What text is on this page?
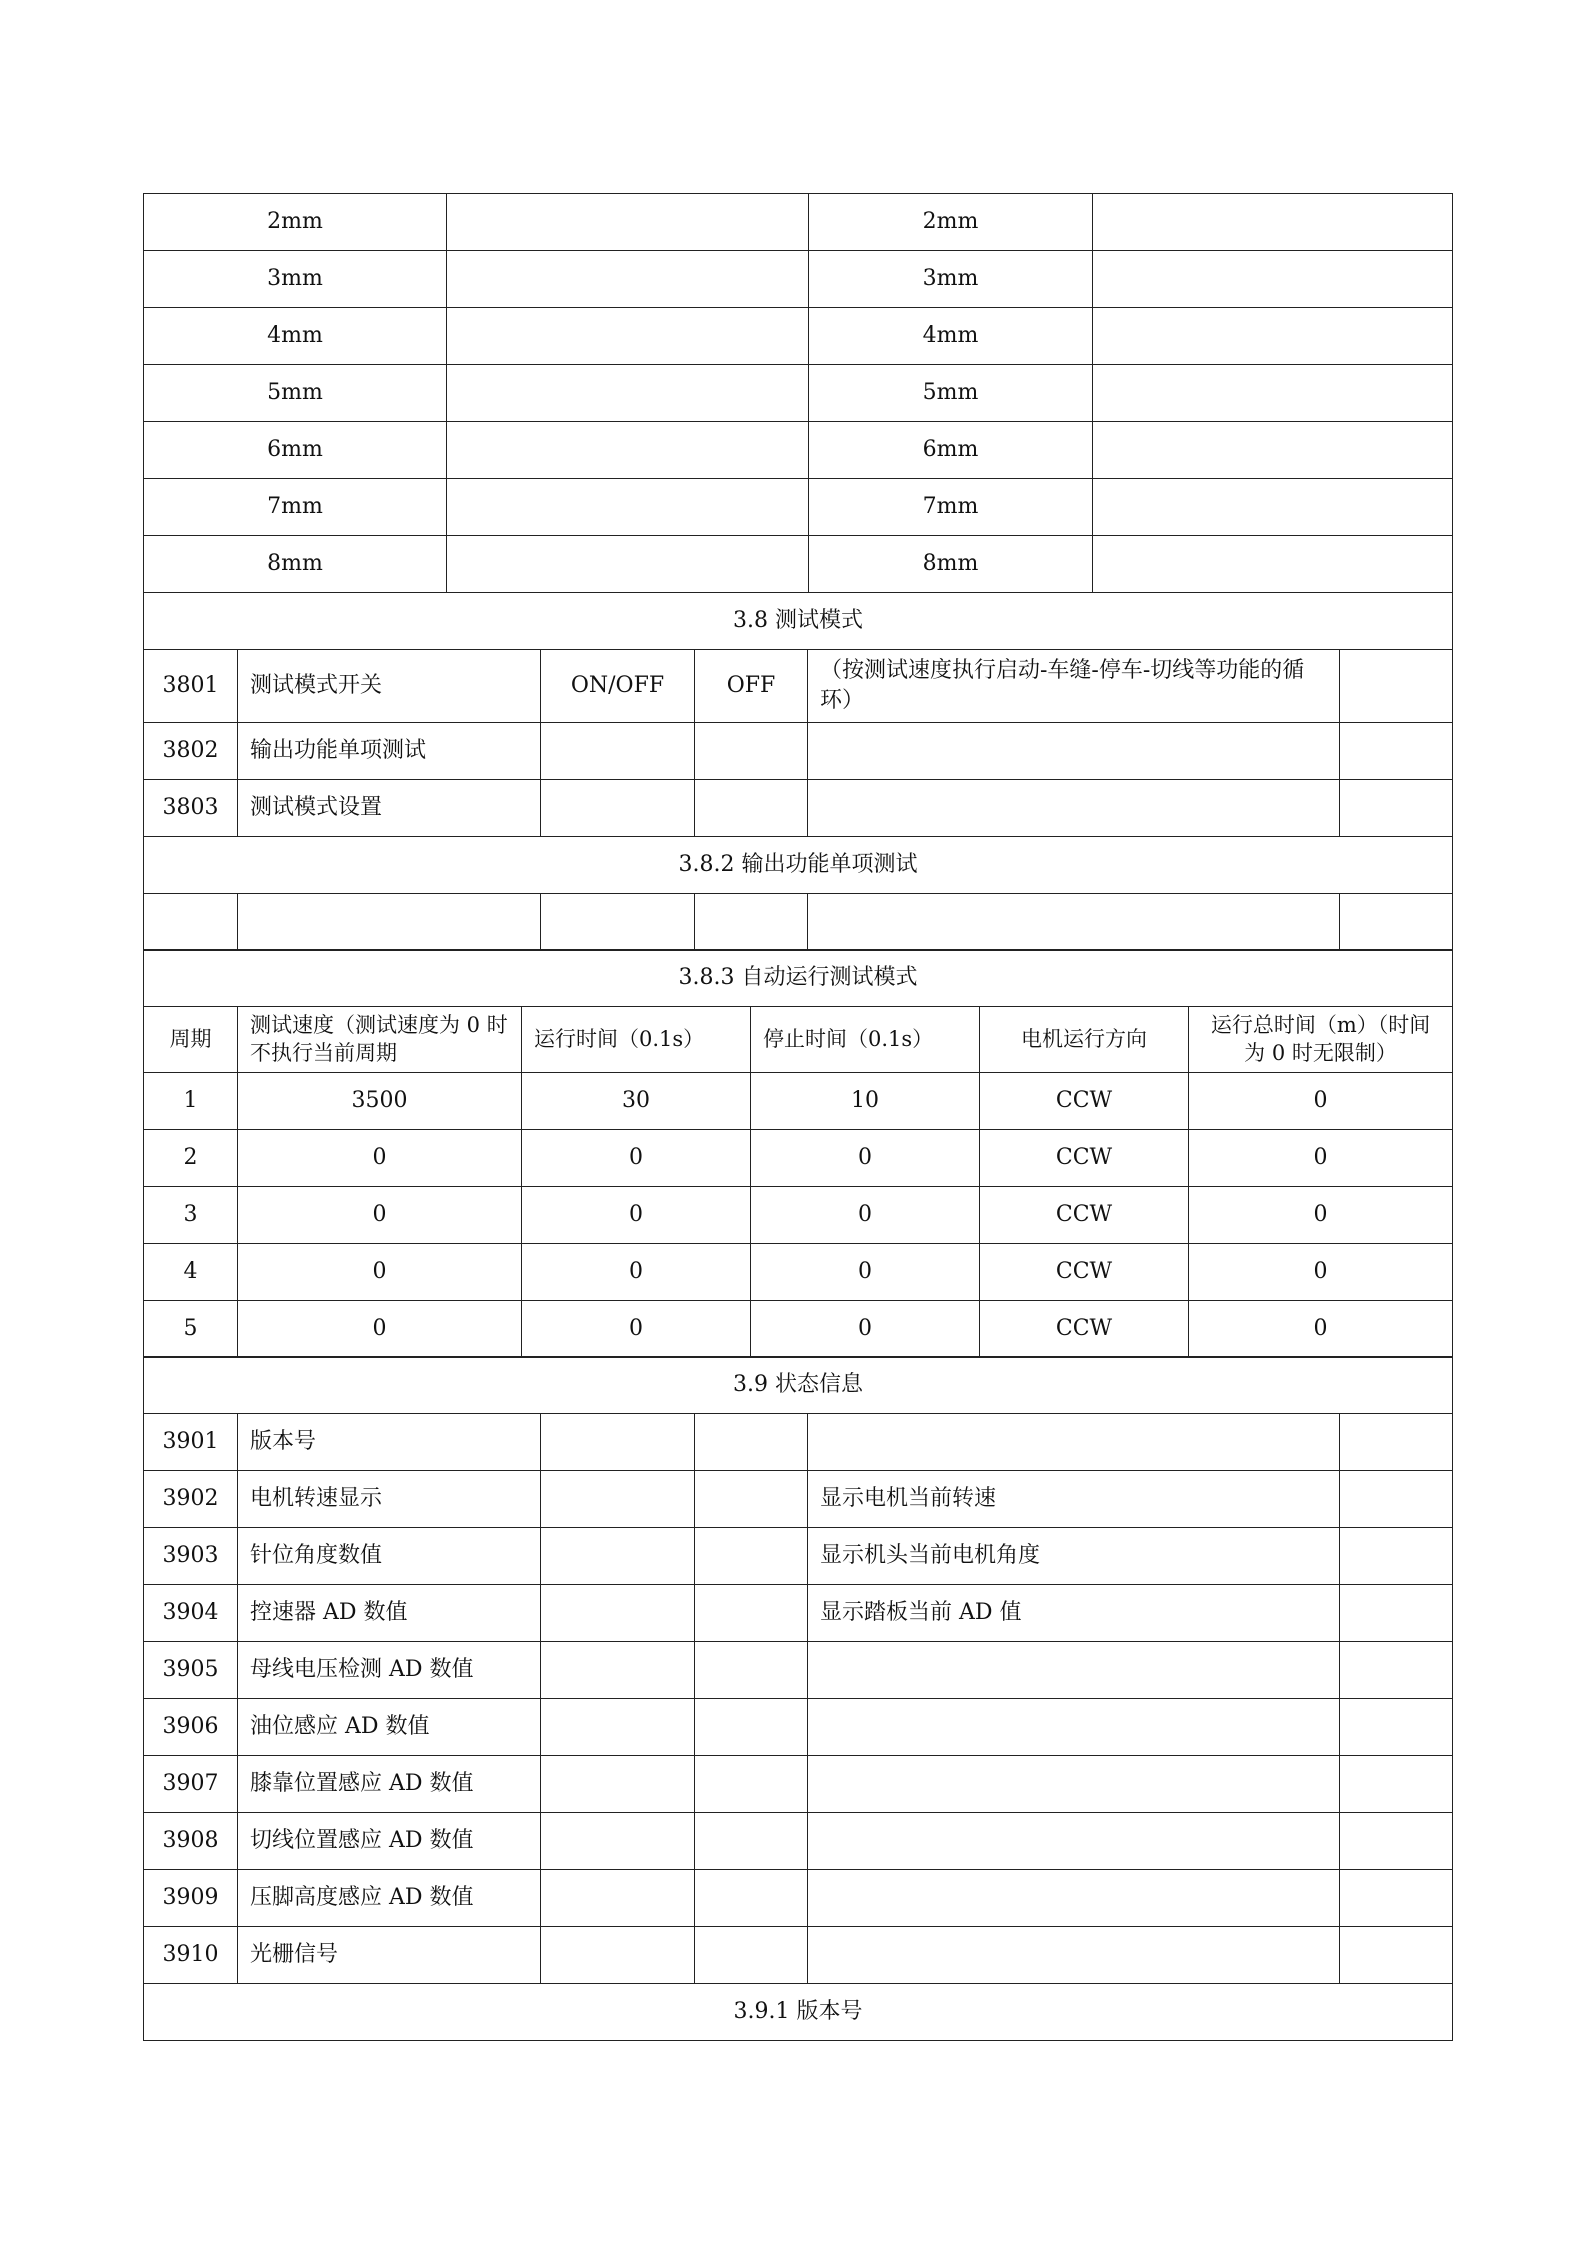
2mm		2mm	
3mm		3mm	
4mm		4mm	
5mm		5mm	
6mm		6mm	
7mm		7mm	
8mm		8mm	
3.8 测试模式					
3801	测试模式开关	ON/OFF	OFF	（按测试速度执行启动-车缝-停车-切线等功能的循环）	
3802	输出功能单项测试				
3803	测试模式设置				
3.8.2 输出功能单项测试					

3.8.3 自动运行测试模式					
周期	测试速度（测试速度为 0 时不执行当前周期	运行时间（0.1s）	停止时间（0.1s）	电机运行方向	运行总时间（m）（时间为 0 时无限制）
1	3500	30	10	CCW	0
2	0	0	0	CCW	0
3	0	0	0	CCW	0
4	0	0	0	CCW	0
5	0	0	0	CCW	0
3.9 状态信息					
3901	版本号				
3902	电机转速显示			显示电机当前转速	
3903	针位角度数值			显示机头当前电机角度	
3904	控速器 AD 数值			显示踏板当前 AD 值	
3905	母线电压检测 AD 数值				
3906	油位感应 AD 数值				
3907	膝靠位置感应 AD 数值				
3908	切线位置感应 AD 数值				
3909	压脚高度感应 AD 数值				
3910	光栅信号				
3.9.1 版本号					
